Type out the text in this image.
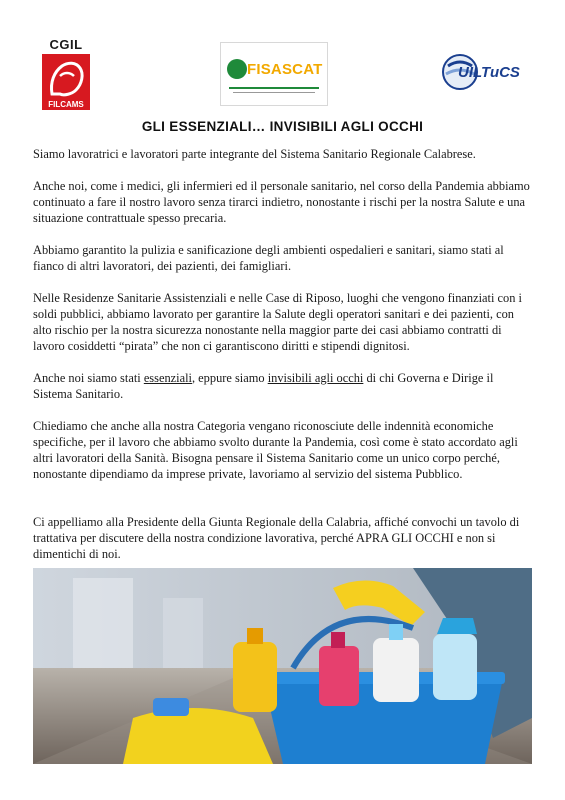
CGIL
FILCAMS
FISASCAT	UILTuCS
GLI ESSENZIALI… INVISIBILI AGLI OCCHI

Siamo lavoratrici e lavoratori parte integrante del Sistema Sanitario Regionale Calabrese.

Anche noi, come i medici, gli infermieri ed il personale sanitario, nel corso della Pandemia abbiamo continuato a fare il nostro lavoro senza tirarci indietro, nonostante i rischi per la nostra Salute e una situazione contrattuale spesso precaria.

Abbiamo garantito la pulizia e sanificazione degli ambienti ospedalieri e sanitari, siamo stati al fianco di altri lavoratori, dei pazienti, dei famigliari.

Nelle Residenze Sanitarie Assistenziali e nelle Case di Riposo, luoghi che vengono finanziati con i soldi pubblici, abbiamo lavorato per garantire la Salute degli operatori sanitari e dei pazienti, con alto rischio per la nostra sicurezza nonostante nella maggior parte dei casi abbiamo contratti di lavoro cosiddetti “pirata” che non ci garantiscono diritti e stipendi dignitosi.

Anche noi siamo stati essenziali, eppure siamo invisibili agli occhi di chi Governa e Dirige il Sistema Sanitario.

Chiediamo che anche alla nostra Categoria vengano riconosciute delle indennità economiche specifiche, per il lavoro che abbiamo svolto durante la Pandemia, così come è stato accordato agli altri lavoratori della Sanità. Bisogna pensare il Sistema Sanitario come un unico corpo perché, nonostante dipendiamo da imprese private, lavoriamo al servizio del sistema Pubblico.

Ci appelliamo alla Presidente della Giunta Regionale della Calabria, affiché convochi un tavolo di trattativa per discutere della nostra condizione lavorativa, perché APRA GLI OCCHI e non si dimentichi di noi.
